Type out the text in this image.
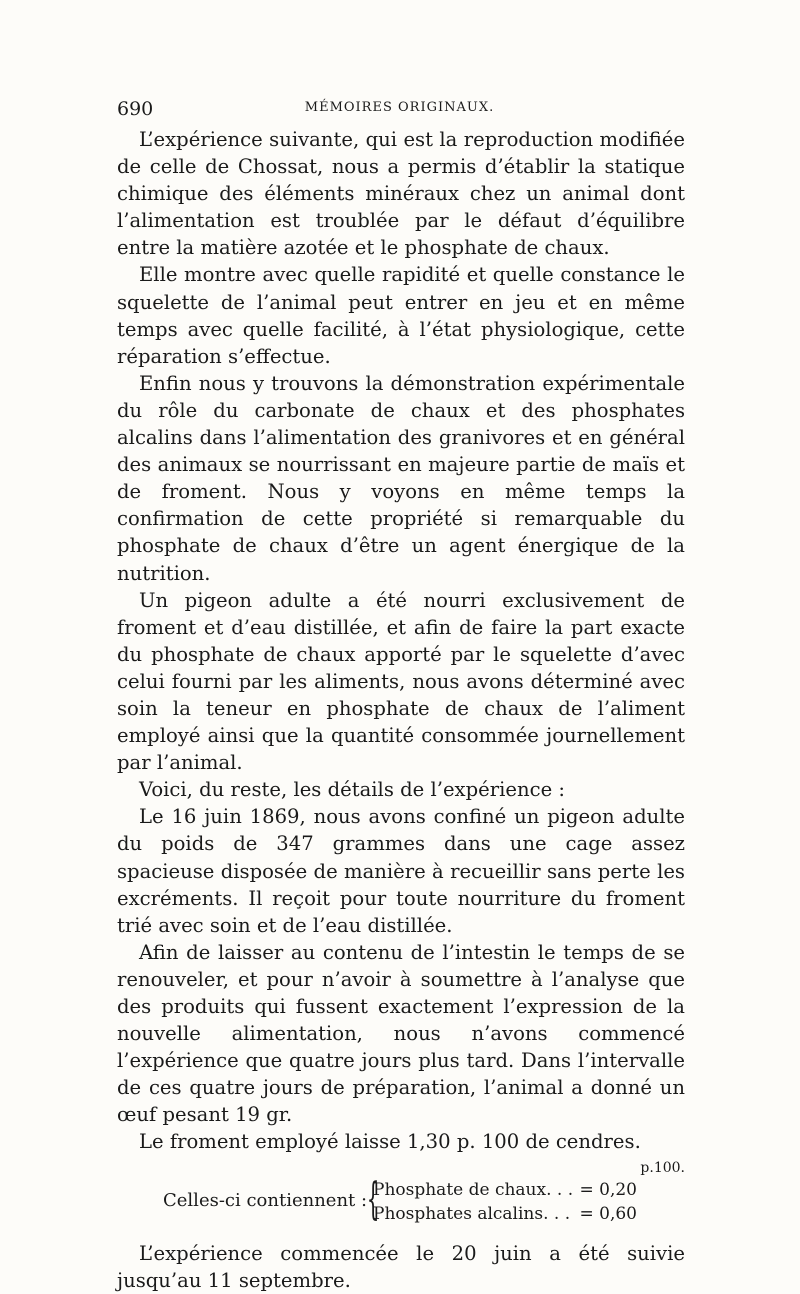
690	MÉMOIRES ORIGINAUX.

L’expérience suivante, qui est la reproduction modifiée de celle de Chossat, nous a permis d’établir la statique chimique des éléments minéraux chez un animal dont l’alimentation est troublée par le défaut d’équilibre entre la matière azotée et le phosphate de chaux.

Elle montre avec quelle rapidité et quelle constance le squelette de l’animal peut entrer en jeu et en même temps avec quelle facilité, à l’état physiologique, cette réparation s’effectue.

Enfin nous y trouvons la démonstration expérimentale du rôle du carbonate de chaux et des phosphates alcalins dans l’alimentation des granivores et en général des animaux se nourrissant en majeure partie de maïs et de froment. Nous y voyons en même temps la confirmation de cette propriété si remarquable du phosphate de chaux d’être un agent énergique de la nutrition.

Un pigeon adulte a été nourri exclusivement de froment et d’eau distillée, et afin de faire la part exacte du phosphate de chaux apporté par le squelette d’avec celui fourni par les aliments, nous avons déterminé avec soin la teneur en phosphate de chaux de l’aliment employé ainsi que la quantité consommée journellement par l’animal.

Voici, du reste, les détails de l’expérience :

Le 16 juin 1869, nous avons confiné un pigeon adulte du poids de 347 grammes dans une cage assez spacieuse disposée de manière à recueillir sans perte les excréments. Il reçoit pour toute nourriture du froment trié avec soin et de l’eau distillée.

Afin de laisser au contenu de l’intestin le temps de se renouveler, et pour n’avoir à soumettre à l’analyse que des produits qui fussent exactement l’expression de la nouvelle alimentation, nous n’avons commencé l’expérience que quatre jours plus tard. Dans l’intervalle de ces quatre jours de préparation, l’animal a donné un œuf pesant 19 gr.

Le froment employé laisse 1,30 p. 100 de cendres.

p.100.
Celles-ci contiennent : {
Phosphate de chaux. . . = 0,20
Phosphates alcalins. . . = 0,60

L’expérience commencée le 20 juin a été suivie jusqu’au 11 septembre.
